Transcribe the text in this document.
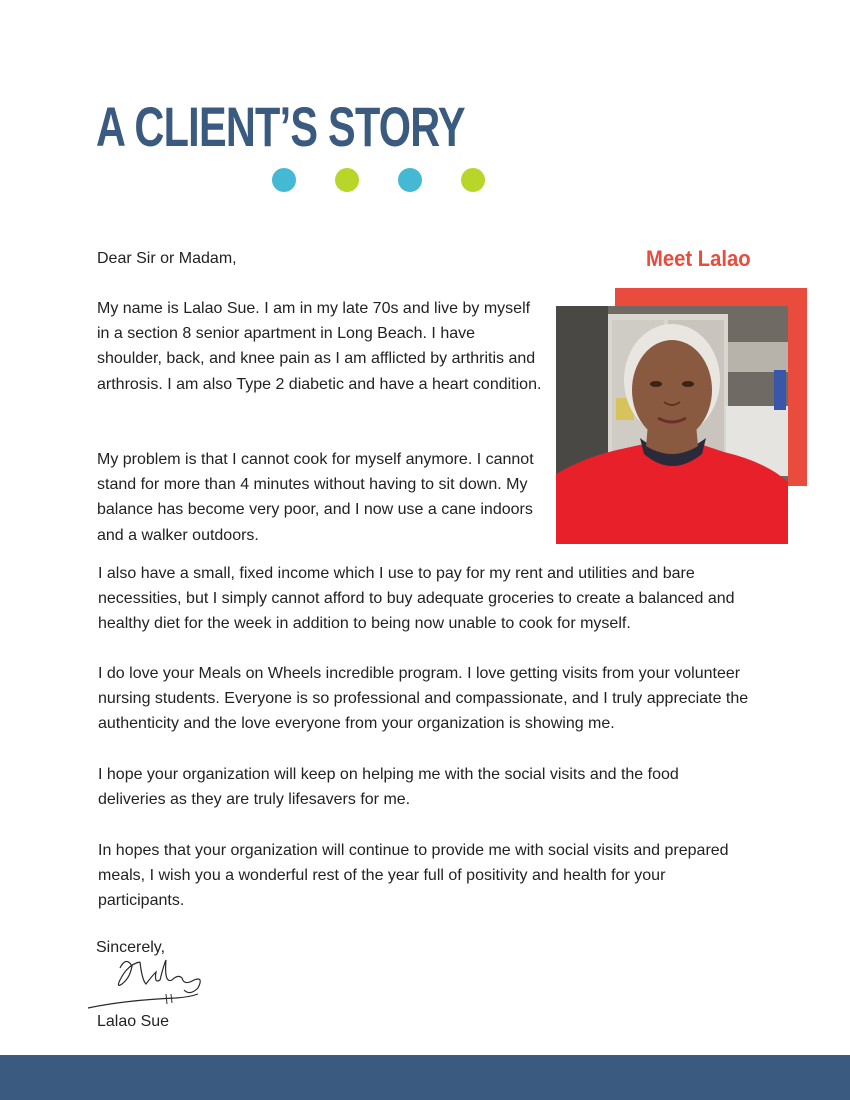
A CLIENT’S STORY

Dear Sir or Madam,	Meet Lalao

My name is Lalao Sue. I am in my late 70s and live by myself in a section 8 senior apartment in Long Beach. I have shoulder, back, and knee pain as I am afflicted by arthritis and arthrosis. I am also Type 2 diabetic and have a heart condition.

My problem is that I cannot cook for myself anymore. I cannot stand for more than 4 minutes without having to sit down. My balance has become very poor, and I now use a cane indoors and a walker outdoors.

I also have a small, fixed income which I use to pay for my rent and utilities and bare necessities, but I simply cannot afford to buy adequate groceries to create a balanced and healthy diet for the week in addition to being now unable to cook for myself.

I do love your Meals on Wheels incredible program. I love getting visits from your volunteer nursing students. Everyone is so professional and compassionate, and I truly appreciate the authenticity and the love everyone from your organization is showing me.

I hope your organization will keep on helping me with the social visits and the food deliveries as they are truly lifesavers for me.

In hopes that your organization will continue to provide me with social visits and prepared meals, I wish you a wonderful rest of the year full of positivity and health for your participants.

Sincerely,

Lalao Sue
